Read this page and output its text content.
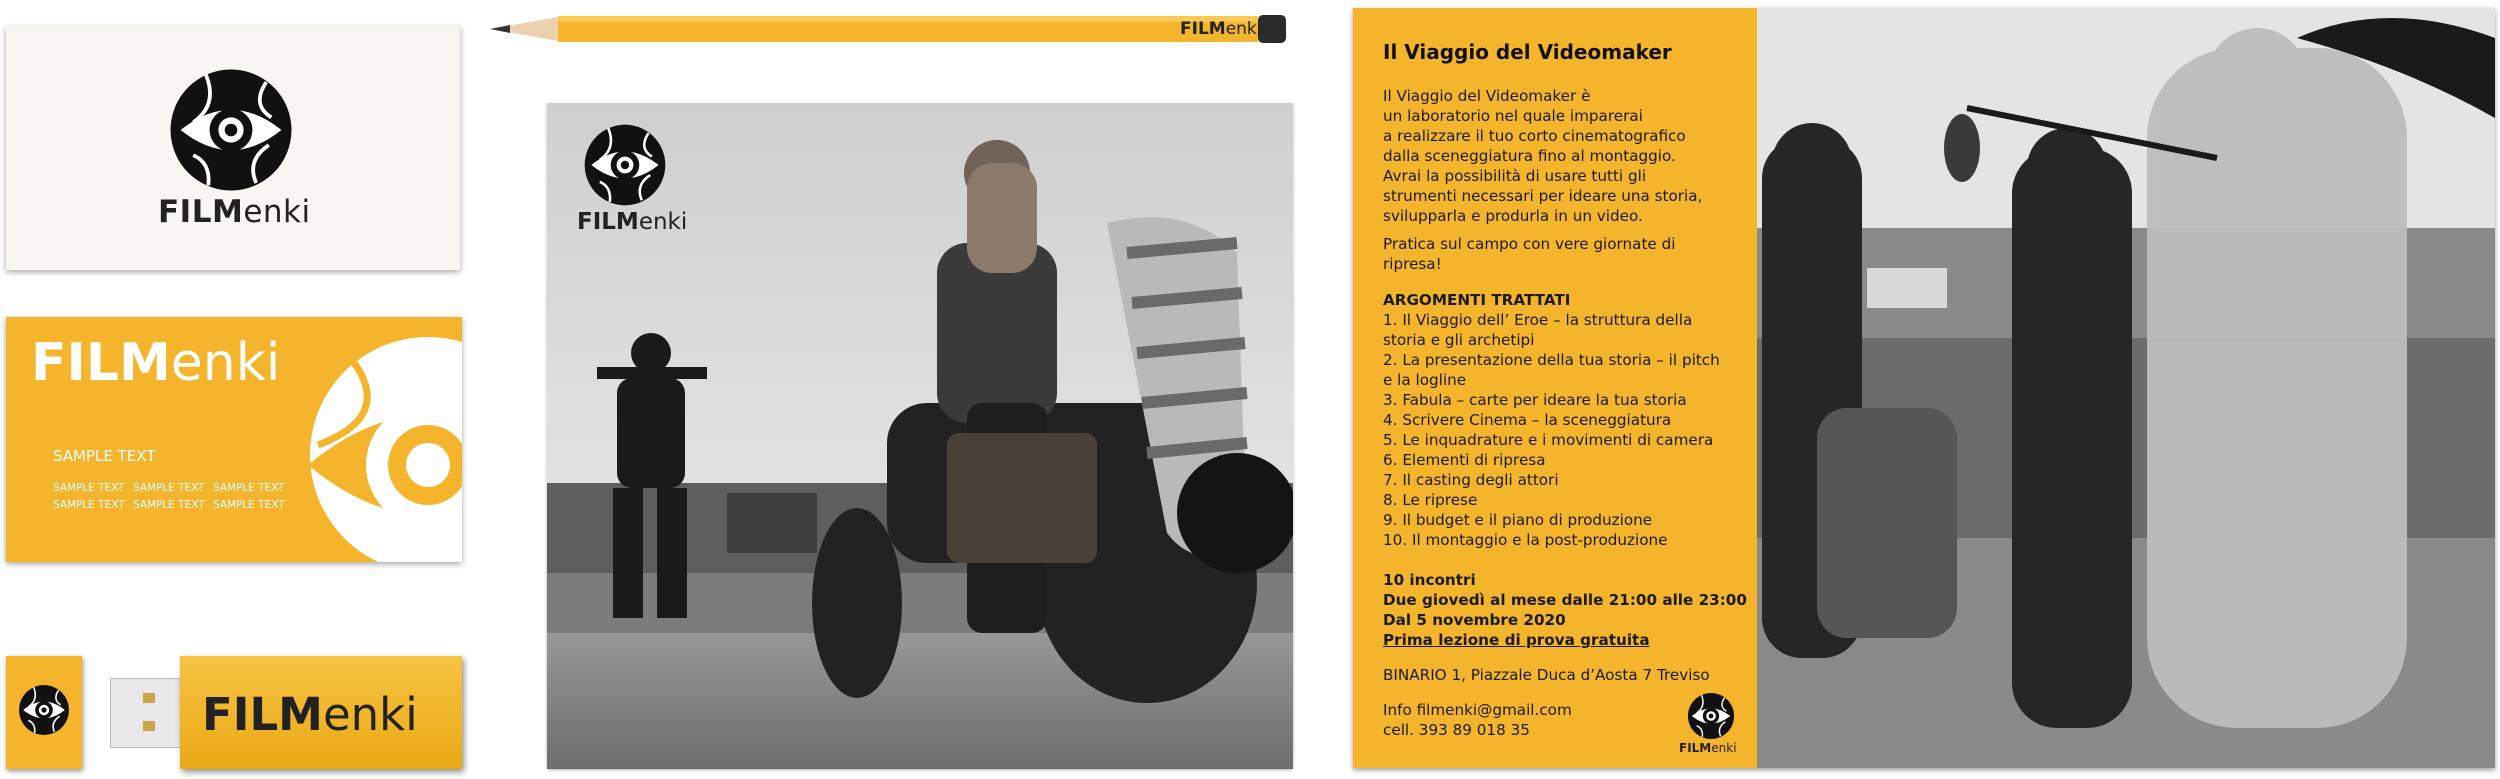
FILMenki
FILMenki
SAMPLE TEXT
SAMPLE TEXT SAMPLE TEXT SAMPLE TEXT
SAMPLE TEXT SAMPLE TEXT SAMPLE TEXT
FILMenki
FILMenki
FILMenki
Il Viaggio del Videomaker
Il Viaggio del Videomaker è
un laboratorio nel quale imparerai
a realizzare il tuo corto cinematografico
dalla sceneggiatura fino al montaggio.
Avrai la possibilità di usare tutti gli
strumenti necessari per ideare una storia,
svilupparla e produrla in un video.
Pratica sul campo con vere giornate di
ripresa!
ARGOMENTI TRATTATI
1. Il Viaggio dell’ Eroe – la struttura della
storia e gli archetipi
2. La presentazione della tua storia – il pitch
e la logline
3. Fabula – carte per ideare la tua storia
4. Scrivere Cinema – la sceneggiatura
5. Le inquadrature e i movimenti di camera
6. Elementi di ripresa
7. Il casting degli attori
8. Le riprese
9. Il budget e il piano di produzione
10. Il montaggio e la post-produzione
10 incontri
Due giovedì al mese dalle 21:00 alle 23:00
Dal 5 novembre 2020
Prima lezione di prova gratuita
BINARIO 1, Piazzale Duca d’Aosta 7 Treviso
Info filmenki@gmail.com
cell. 393 89 018 35
FILMenki
